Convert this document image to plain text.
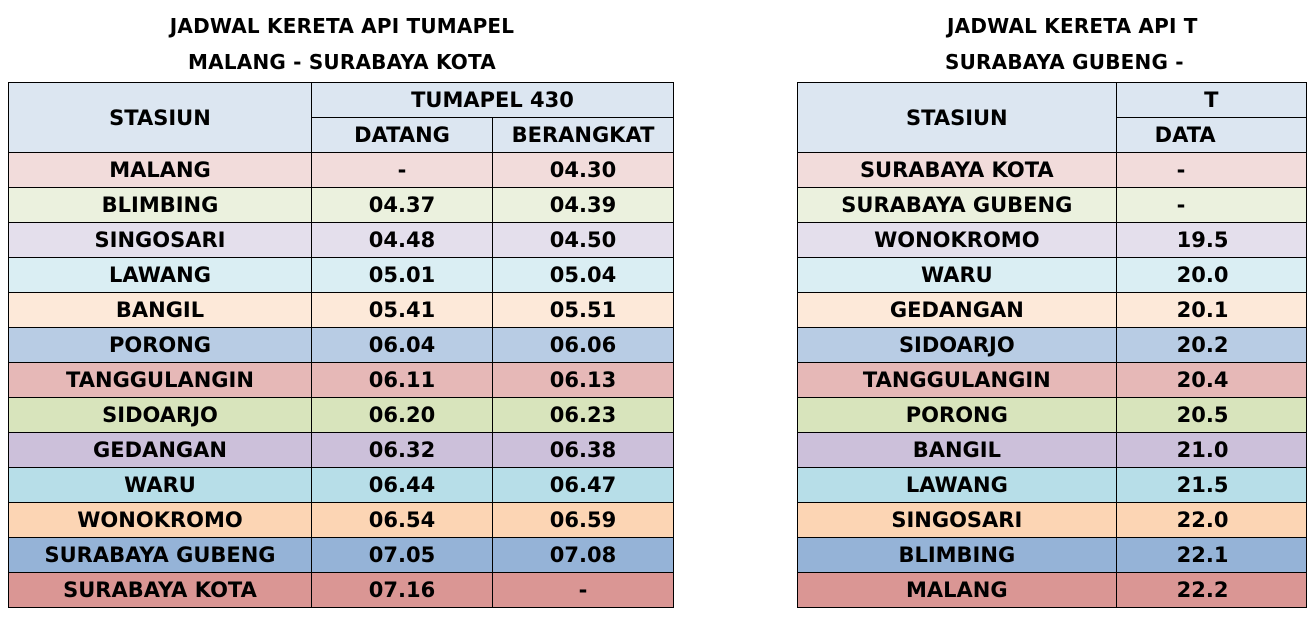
JADWAL KERETA API TUMAPEL
MALANG - SURABAYA KOTA
STASIUN	TUMAPEL 430	
	DATANG	BERANGKAT
MALANG	-	04.30
BLIMBING	04.37	04.39
SINGOSARI	04.48	04.50
LAWANG	05.01	05.04
BANGIL	05.41	05.51
PORONG	06.04	06.06
TANGGULANGIN	06.11	06.13
SIDOARJO	06.20	06.23
GEDANGAN	06.32	06.38
WARU	06.44	06.47
WONOKROMO	06.54	06.59
SURABAYA GUBENG	07.05	07.08
SURABAYA KOTA	07.16	-
JADWAL KERETA API T
SURABAYA GUBENG -
STASIUN	T
	DATA
SURABAYA KOTA	-
SURABAYA GUBENG	-
WONOKROMO	19.5
WARU	20.0
GEDANGAN	20.1
SIDOARJO	20.2
TANGGULANGIN	20.4
PORONG	20.5
BANGIL	21.0
LAWANG	21.5
SINGOSARI	22.0
BLIMBING	22.1
MALANG	22.2
